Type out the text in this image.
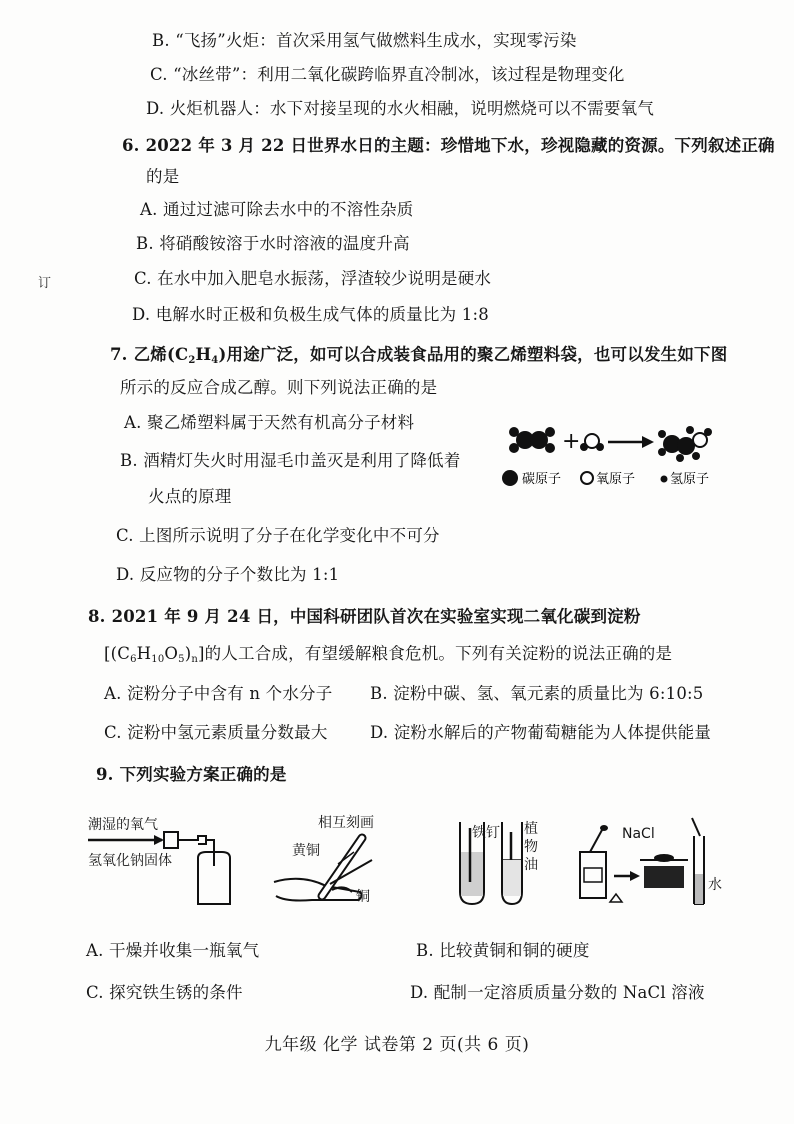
B. “飞扬”火炬：首次采用氢气做燃料生成水，实现零污染
C. “冰丝带”：利用二氧化碳跨临界直冷制冰，该过程是物理变化
D. 火炬机器人：水下对接呈现的水火相融，说明燃烧可以不需要氧气
订
6. 2022 年 3 月 22 日世界水日的主题：珍惜地下水，珍视隐藏的资源。下列叙述正确
的是
A. 通过过滤可除去水中的不溶性杂质
B. 将硝酸铵溶于水时溶液的温度升高
C. 在水中加入肥皂水振荡，浮渣较少说明是硬水
D. 电解水时正极和负极生成气体的质量比为 1:8
7. 乙烯$(C_2H_4)$用途广泛，如可以合成装食品用的聚乙烯塑料袋，也可以发生如下图
所示的反应合成乙醇。则下列说法正确的是
A. 聚乙烯塑料属于天然有机高分子材料
B. 酒精灯失火时用湿毛巾盖灭是利用了降低着
火点的原理
C. 上图所示说明了分子在化学变化中不可分
D. 反应物的分子个数比为 1:1
+
碳原子	氧原子	氢原子
8. 2021 年 9 月 24 日，中国科研团队首次在实验室实现二氧化碳到淀粉
$[(C_6H_{10}O_5)_n]$的人工合成，有望缓解粮食危机。下列有关淀粉的说法正确的是
A. 淀粉分子中含有 n 个水分子 B. 淀粉中碳、氢、氧元素的质量比为 6:10:5
C. 淀粉中氢元素质量分数最大	D. 淀粉水解后的产物葡萄糖能为人体提供能量
9. 下列实验方案正确的是
潮湿的氧气
氢氧化钠固体
相互刻画
黄铜
铜
铁钉 植
物
油
NaCl
水
A. 干燥并收集一瓶氧气	B. 比较黄铜和铜的硬度
C. 探究铁生锈的条件	D. 配制一定溶质质量分数的 NaCl 溶液
九年级 化学 试卷第 2 页(共 6 页)
